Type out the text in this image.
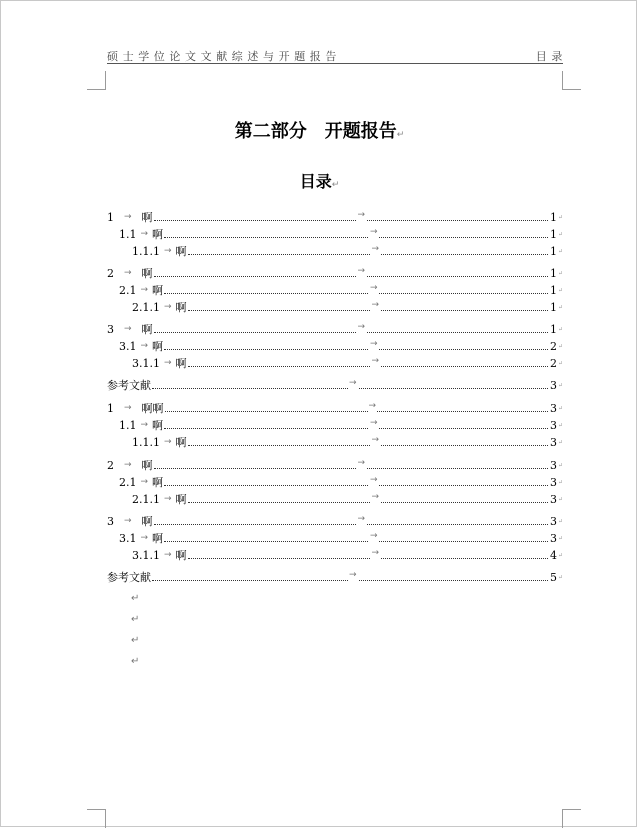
硕士学位论文文献综述与开题报告	目录
第二部分　开题报告↵
目录↵
1 → 啊	→	1 ↵
1.1 → 啊	→	1 ↵
1.1.1 → 啊	→	1 ↵
2 → 啊	→	1 ↵
2.1 → 啊	→	1 ↵
2.1.1 → 啊	→	1 ↵
3 → 啊	→	1 ↵
3.1 → 啊	→	2 ↵
3.1.1 → 啊	→	2 ↵
参考文献	→	3 ↵
1 → 啊啊	→	3 ↵
1.1 → 啊	→	3 ↵
1.1.1 → 啊	→	3 ↵
2 → 啊	→	3 ↵
2.1 → 啊	→	3 ↵
2.1.1 → 啊	→	3 ↵
3 → 啊	→	3 ↵
3.1 → 啊	→	3 ↵
3.1.1 → 啊	→	4 ↵
参考文献	→	5 ↵
↵
↵
↵
↵
